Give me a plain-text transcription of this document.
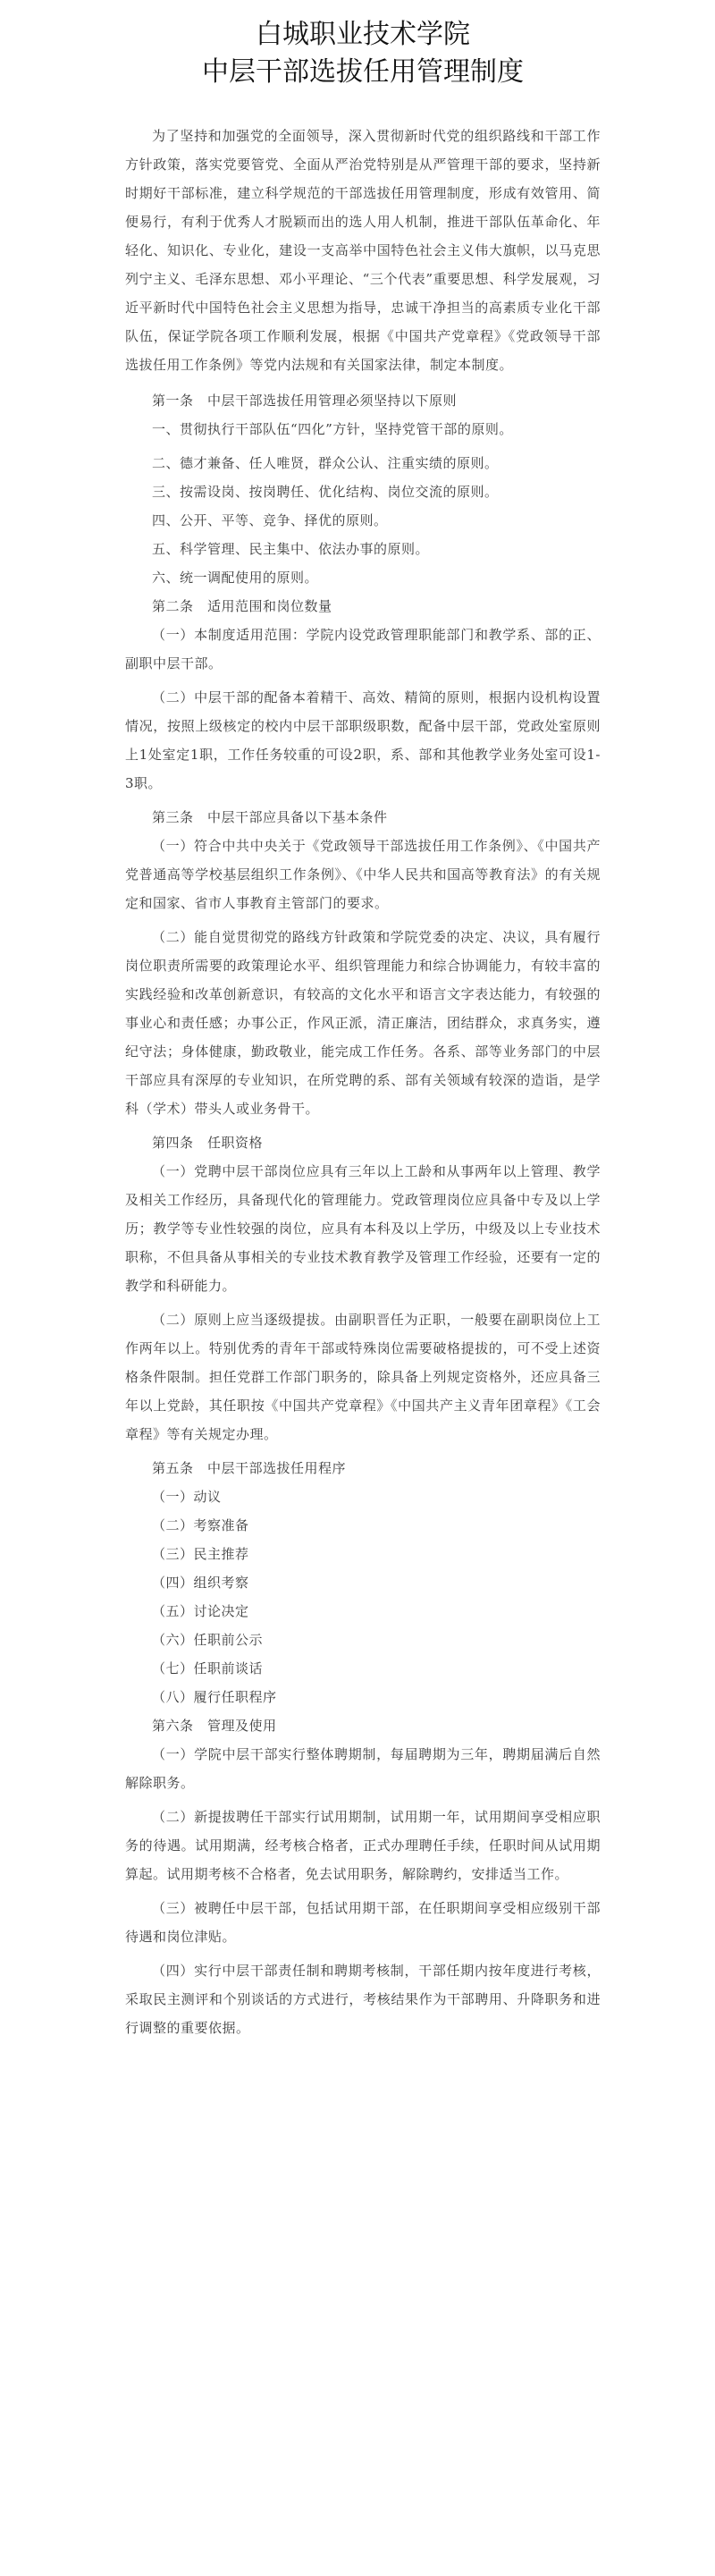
白城职业技术学院
中层干部选拔任用管理制度

为了坚持和加强党的全面领导，深入贯彻新时代党的组织路线和干部工作方针政策，落实党要管党、全面从严治党特别是从严管理干部的要求，坚持新时期好干部标准，建立科学规范的干部选拔任用管理制度，形成有效管用、简便易行，有利于优秀人才脱颖而出的选人用人机制，推进干部队伍革命化、年轻化、知识化、专业化，建设一支高举中国特色社会主义伟大旗帜，以马克思列宁主义、毛泽东思想、邓小平理论、“三个代表”重要思想、科学发展观，习近平新时代中国特色社会主义思想为指导，忠诚干净担当的高素质专业化干部队伍，保证学院各项工作顺利发展，根据《中国共产党章程》《党政领导干部选拔任用工作条例》等党内法规和有关国家法律，制定本制度。

第一条　中层干部选拔任用管理必须坚持以下原则

一、贯彻执行干部队伍“四化”方针，坚持党管干部的原则。

二、德才兼备、任人唯贤，群众公认、注重实绩的原则。

三、按需设岗、按岗聘任、优化结构、岗位交流的原则。

四、公开、平等、竞争、择优的原则。

五、科学管理、民主集中、依法办事的原则。

六、统一调配使用的原则。

第二条　适用范围和岗位数量

（一）本制度适用范围：学院内设党政管理职能部门和教学系、部的正、副职中层干部。

（二）中层干部的配备本着精干、高效、精简的原则，根据内设机构设置情况，按照上级核定的校内中层干部职级职数，配备中层干部，党政处室原则上1处室定1职，工作任务较重的可设2职，系、部和其他教学业务处室可设1-3职。

第三条　中层干部应具备以下基本条件

（一）符合中共中央关于《党政领导干部选拔任用工作条例》、《中国共产党普通高等学校基层组织工作条例》、《中华人民共和国高等教育法》的有关规定和国家、省市人事教育主管部门的要求。

（二）能自觉贯彻党的路线方针政策和学院党委的决定、决议，具有履行岗位职责所需要的政策理论水平、组织管理能力和综合协调能力，有较丰富的实践经验和改革创新意识，有较高的文化水平和语言文字表达能力，有较强的事业心和责任感；办事公正，作风正派，清正廉洁，团结群众，求真务实，遵纪守法；身体健康，勤政敬业，能完成工作任务。各系、部等业务部门的中层干部应具有深厚的专业知识，在所党聘的系、部有关领域有较深的造诣，是学科（学术）带头人或业务骨干。

第四条　任职资格

（一）党聘中层干部岗位应具有三年以上工龄和从事两年以上管理、教学及相关工作经历，具备现代化的管理能力。党政管理岗位应具备中专及以上学历；教学等专业性较强的岗位，应具有本科及以上学历，中级及以上专业技术职称，不但具备从事相关的专业技术教育教学及管理工作经验，还要有一定的教学和科研能力。

（二）原则上应当逐级提拔。由副职晋任为正职，一般要在副职岗位上工作两年以上。特别优秀的青年干部或特殊岗位需要破格提拔的，可不受上述资格条件限制。担任党群工作部门职务的，除具备上列规定资格外，还应具备三年以上党龄，其任职按《中国共产党章程》《中国共产主义青年团章程》《工会章程》等有关规定办理。

第五条　中层干部选拔任用程序

（一）动议

（二）考察准备

（三）民主推荐

（四）组织考察

（五）讨论决定

（六）任职前公示

（七）任职前谈话

（八）履行任职程序

第六条　管理及使用

（一）学院中层干部实行整体聘期制，每届聘期为三年，聘期届满后自然解除职务。

（二）新提拔聘任干部实行试用期制，试用期一年，试用期间享受相应职务的待遇。试用期满，经考核合格者，正式办理聘任手续，任职时间从试用期算起。试用期考核不合格者，免去试用职务，解除聘约，安排适当工作。

（三）被聘任中层干部，包括试用期干部，在任职期间享受相应级别干部待遇和岗位津贴。

（四）实行中层干部责任制和聘期考核制，干部任期内按年度进行考核，采取民主测评和个别谈话的方式进行，考核结果作为干部聘用、升降职务和进行调整的重要依据。
